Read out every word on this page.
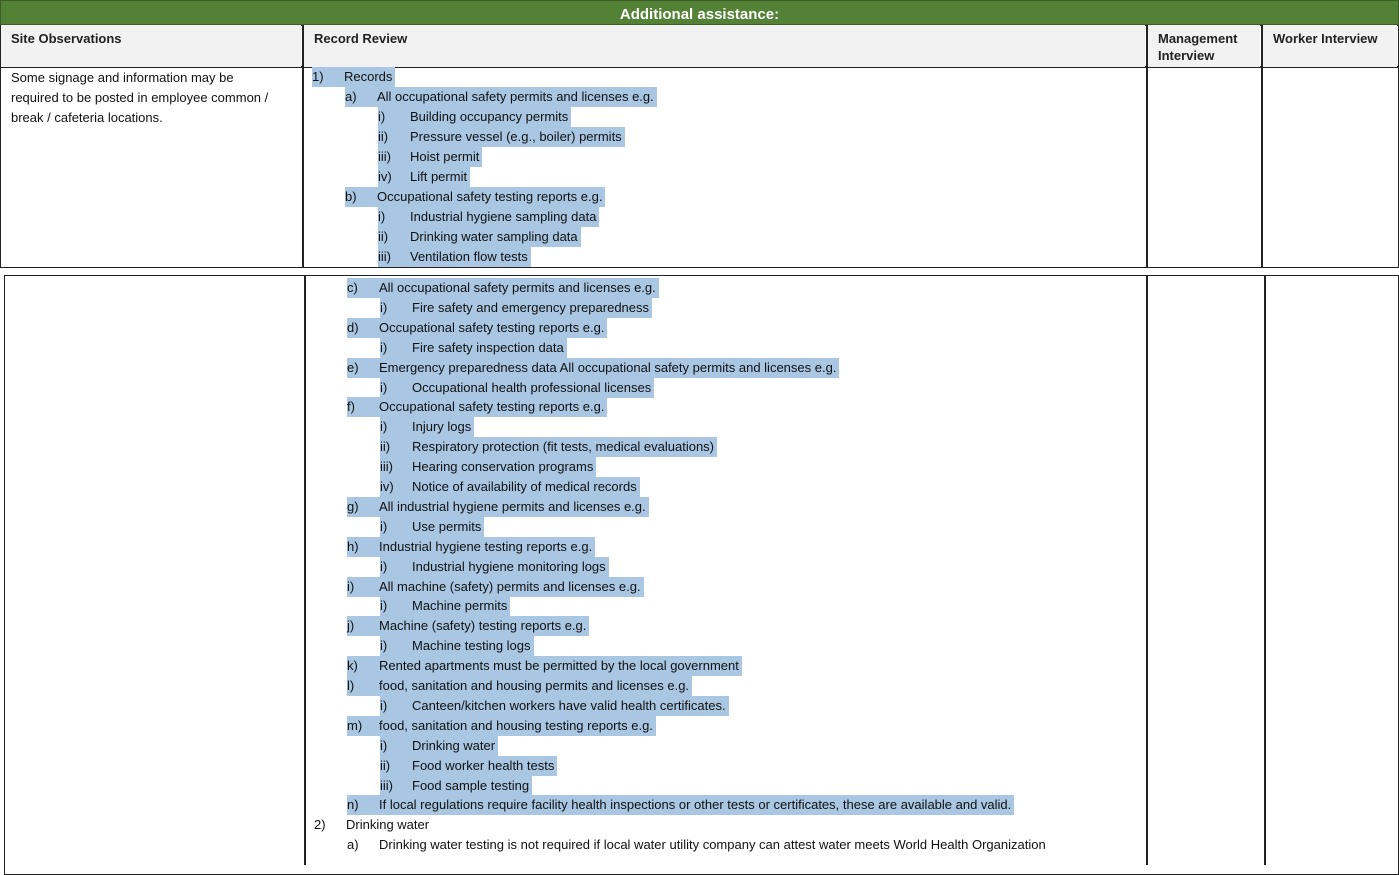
Additional assistance:
Site Observations	Record Review	Management
Interview
Worker Interview
Some signage and information may be required to be posted in employee common / break / cafeteria locations.
1) Records
a) All occupational safety permits and licenses e.g.
i) Building occupancy permits
ii) Pressure vessel (e.g., boiler) permits
iii) Hoist permit
iv) Lift permit
b) Occupational safety testing reports e.g.
i) Industrial hygiene sampling data
ii) Drinking water sampling data
iii) Ventilation flow tests
c) All occupational safety permits and licenses e.g.
i) Fire safety and emergency preparedness
d) Occupational safety testing reports e.g.
i) Fire safety inspection data
e) Emergency preparedness data All occupational safety permits and licenses e.g.
i) Occupational health professional licenses
f) Occupational safety testing reports e.g.
i) Injury logs
ii) Respiratory protection (fit tests, medical evaluations)
iii) Hearing conservation programs
iv) Notice of availability of medical records
g) All industrial hygiene permits and licenses e.g.
i) Use permits
h) Industrial hygiene testing reports e.g.
i) Industrial hygiene monitoring logs
i) All machine (safety) permits and licenses e.g.
i) Machine permits
j) Machine (safety) testing reports e.g.
i) Machine testing logs
k) Rented apartments must be permitted by the local government
l) food, sanitation and housing permits and licenses e.g.
i) Canteen/kitchen workers have valid health certificates.
m) food, sanitation and housing testing reports e.g.
i) Drinking water
ii) Food worker health tests
iii) Food sample testing
n) If local regulations require facility health inspections or other tests or certificates, these are available and valid.
2) Drinking water
a) Drinking water testing is not required if local water utility company can attest water meets World Health Organization
